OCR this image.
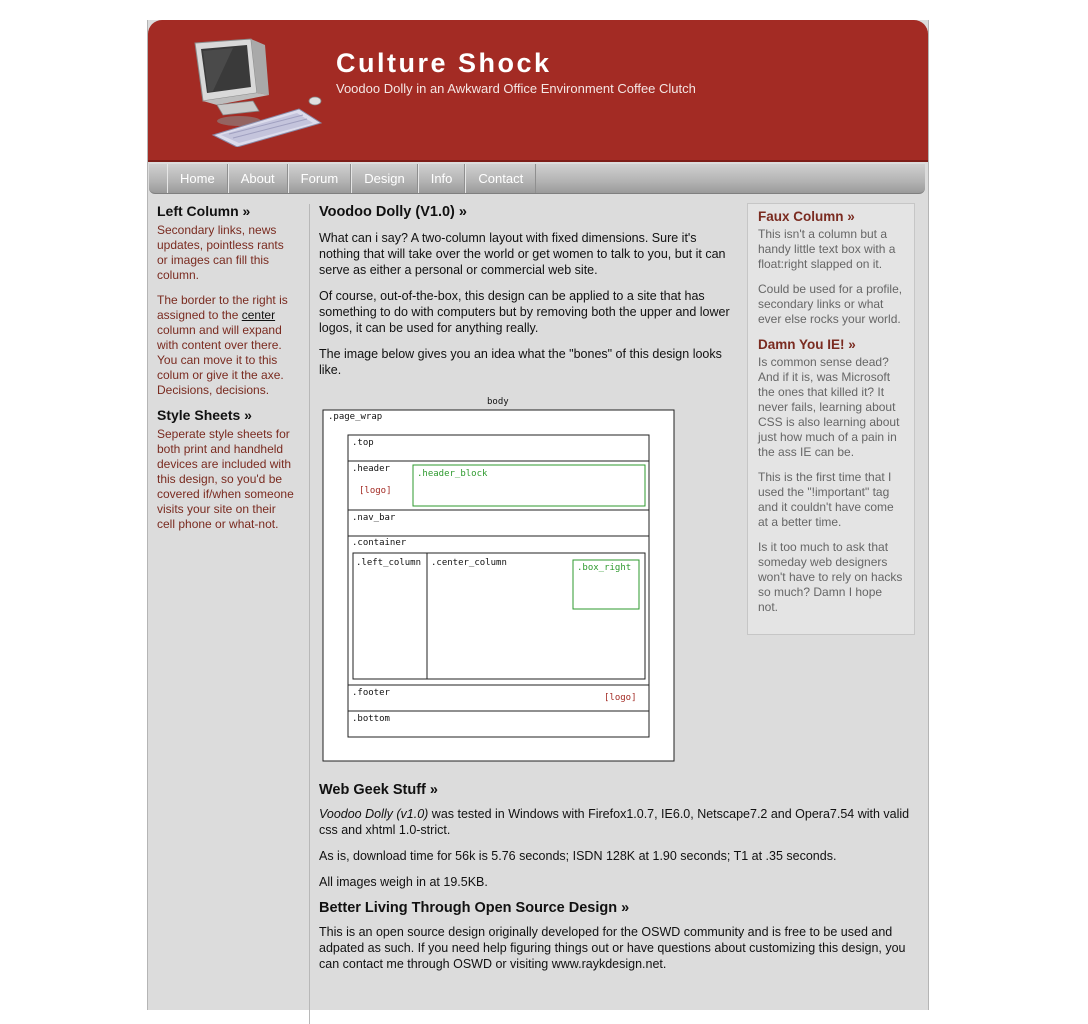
Culture Shock
Voodoo Dolly in an Awkward Office Environment Coffee Clutch
Home	About	Forum	Design	Info	Contact
Left Column »

Secondary links, news updates, pointless rants or images can fill this column.

The border to the right is assigned to the center column and will expand with content over there. You can move it to this colum or give it the axe. Decisions, decisions.

Style Sheets »

Seperate style sheets for both print and handheld devices are included with this design, so you'd be covered if/when someone visits your site on their cell phone or what-not.

Voodoo Dolly (V1.0) »

What can i say? A two-column layout with fixed dimensions. Sure it's nothing that will take over the world or get women to talk to you, but it can serve as either a personal or commercial web site.

Of course, out-of-the-box, this design can be applied to a site that has something to do with computers but by removing both the upper and lower logos, it can be used for anything really.

The image below gives you an idea what the "bones" of this design looks like.

body
.page_wrap
.top
.header
[logo]
.header_block
.nav_bar
.container
.left_column .center_column	.box_right
.footer	[logo]
.bottom
Web Geek Stuff »

Voodoo Dolly (v1.0) was tested in Windows with Firefox1.0.7, IE6.0, Netscape7.2 and Opera7.54 with valid css and xhtml 1.0-strict.

As is, download time for 56k is 5.76 seconds; ISDN 128K at 1.90 seconds; T1 at .35 seconds.

All images weigh in at 19.5KB.

Better Living Through Open Source Design »

This is an open source design originally developed for the OSWD community and is free to be used and adpated as such. If you need help figuring things out or have questions about customizing this design, you can contact me through OSWD or visiting www.raykdesign.net.

Faux Column »

This isn't a column but a handy little text box with a float:right slapped on it.

Could be used for a profile, secondary links or what ever else rocks your world.

Damn You IE! »

Is common sense dead? And if it is, was Microsoft the ones that killed it? It never fails, learning about CSS is also learning about just how much of a pain in the ass IE can be.

This is the first time that I used the "!important" tag and it couldn't have come at a better time.

Is it too much to ask that someday web designers won't have to rely on hacks so much? Damn I hope not.
